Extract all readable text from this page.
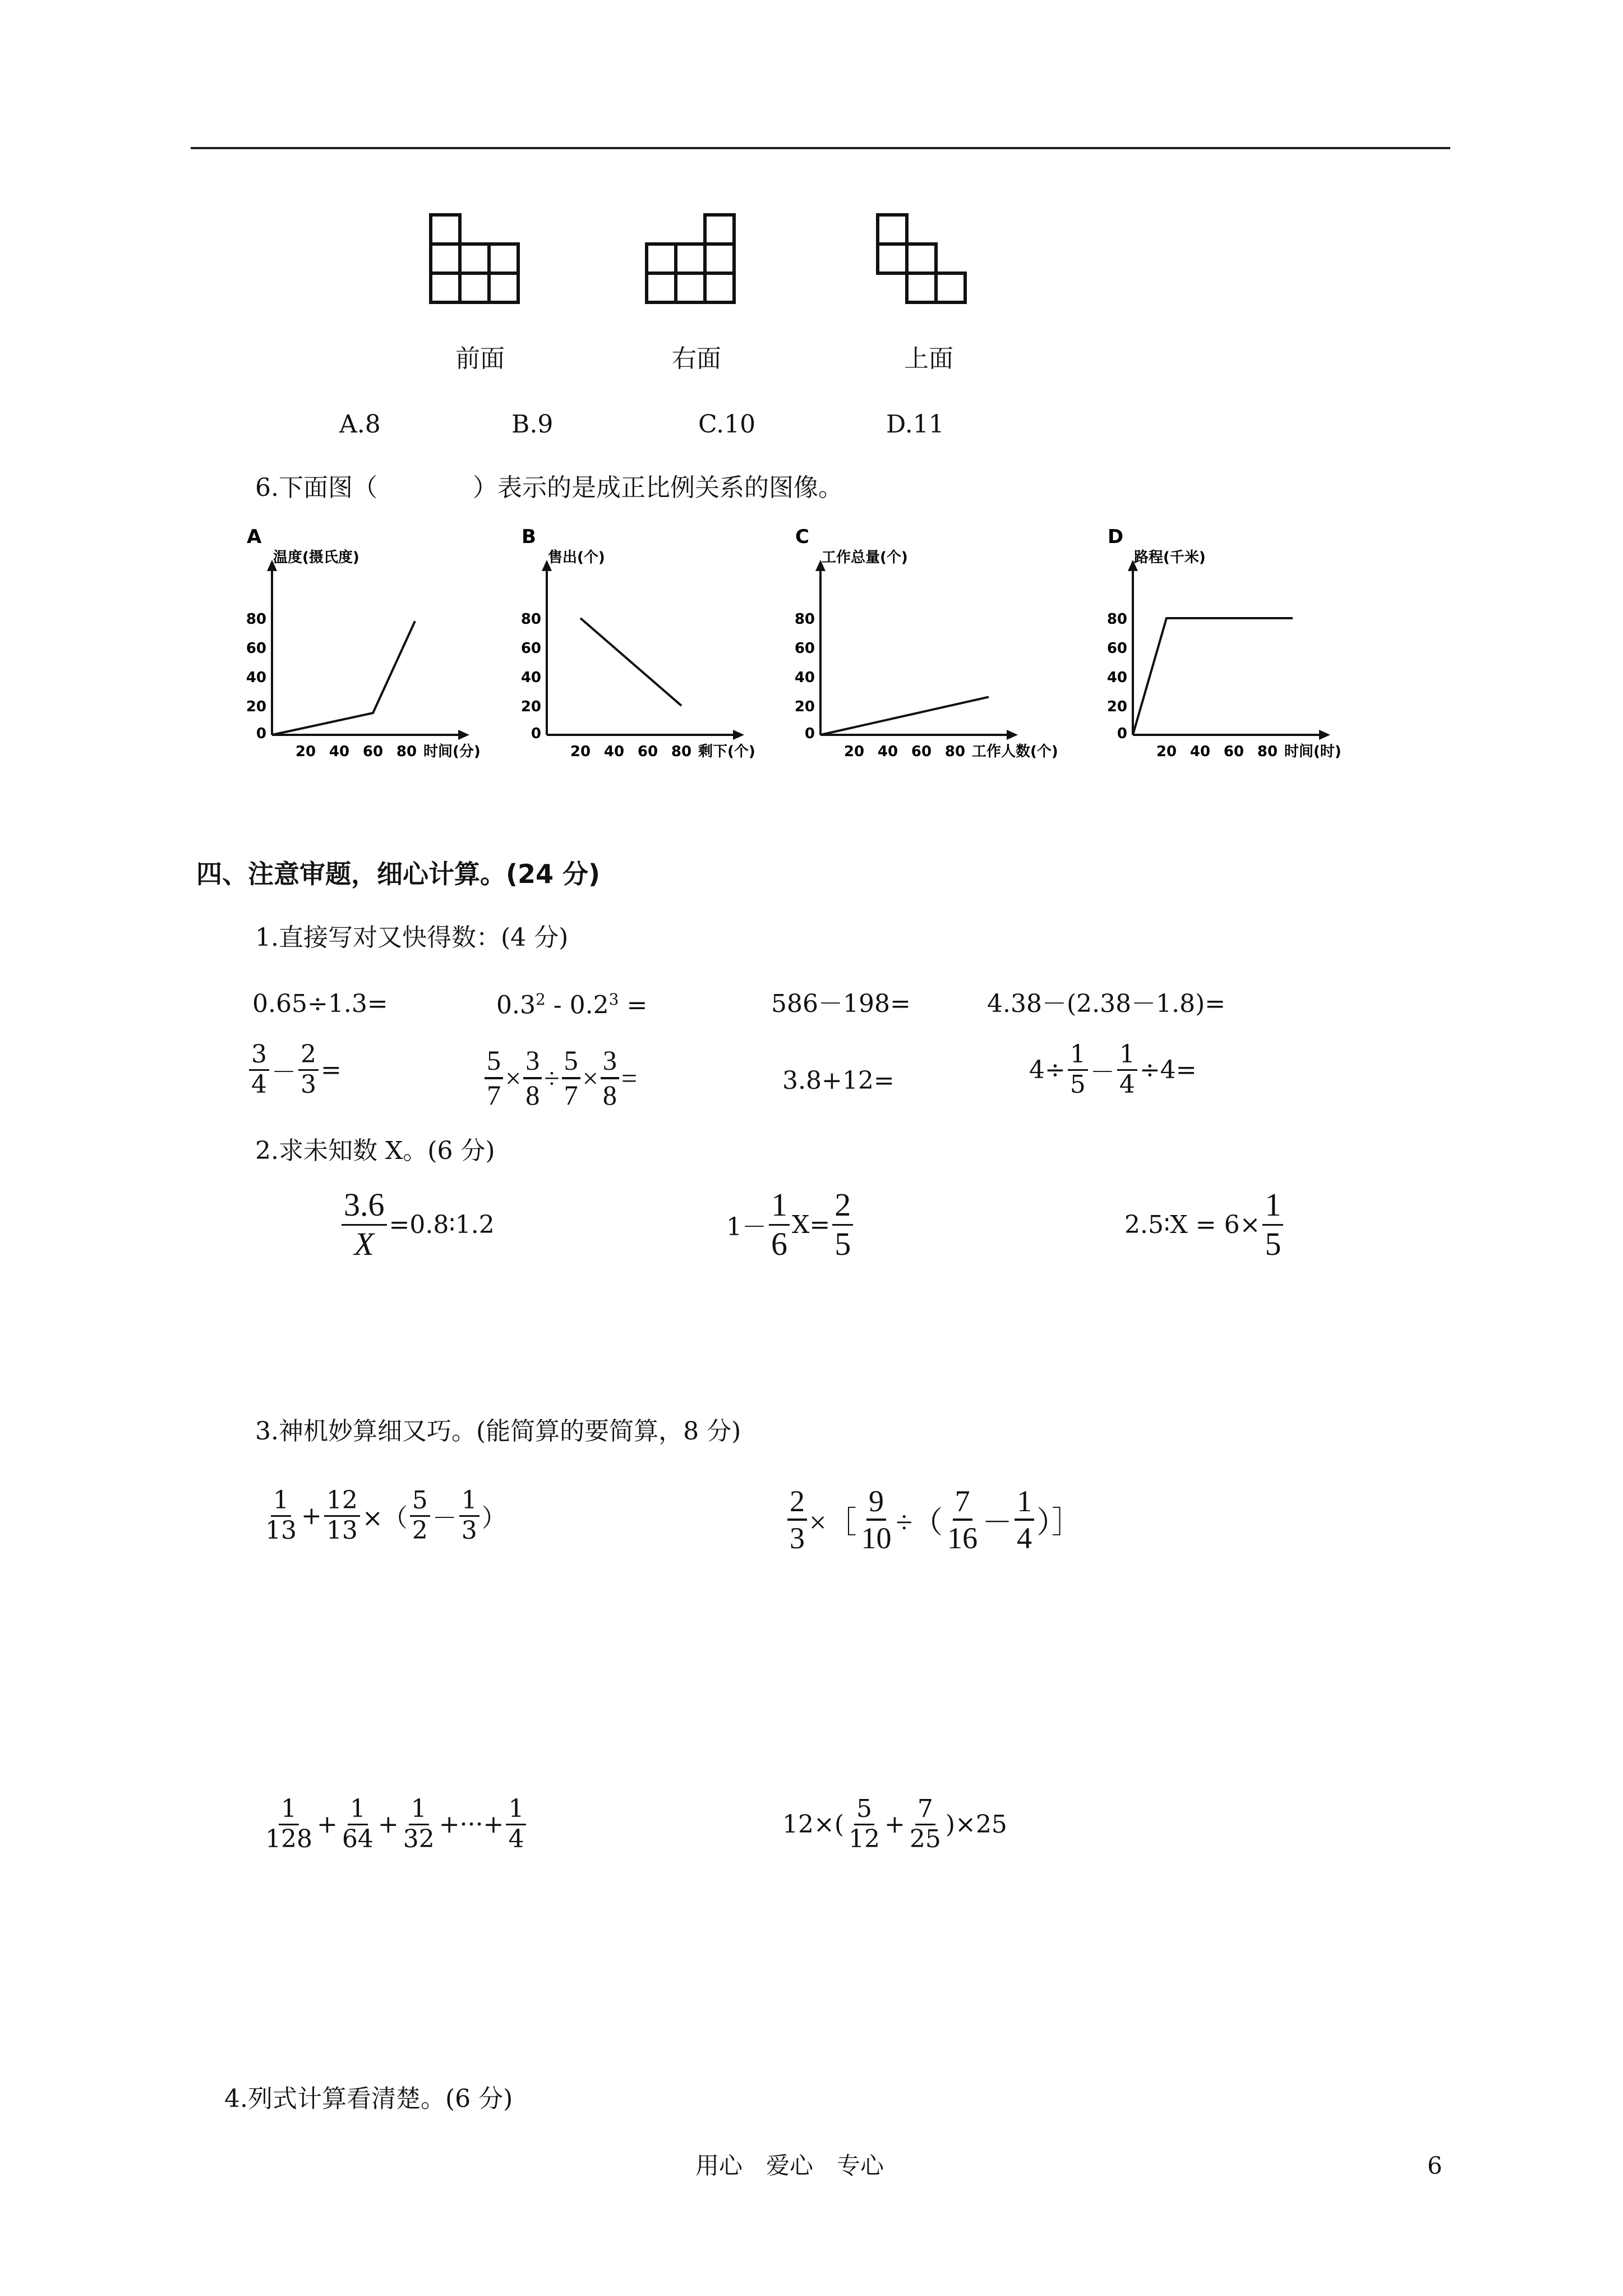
前面	右面	上面
A.8	B.9	C.10	D.11
6.下面图（	）表示的是成正比例关系的图像。
A
温度(摄氏度)
0
20
40
60
80
20 40 60 80 时间(分)
B
售出(个)
0
20
40
60
80
20 40 60 80 剩下(个)
C
工作总量(个)
0
20
40
60
80
20 40 60 80 工作人数(个)
D
路程(千米)
0
20
40
60
80
20 40 60 80 时间(时)
四、注意审题，细心计算。(24 分)
1.直接写对又快得数：(4 分)
0.65÷1.3=	$0.3^2 - 0.2^3$ =	586－198=	4.38－(2.38－1.8)=
$\frac{3}{4} - \frac{2}{3}$ =	$\frac{5}{7} \times \frac{3}{8} \div \frac{5}{7} \times \frac{3}{8}$ =	3.8+12=	$4\div \frac{1}{5} - \frac{1}{4} \div 4=$
2.求未知数 X。(6 分)
$\frac{3.6}{X}$ =0.8∶1.2	$1- \frac{1}{6} X= \frac{2}{5}$	2.5∶X = $6\times \frac{1}{5}$
3.神机妙算细又巧。(能简算的要简算，8 分)
$\frac{1}{13} + \frac{12}{13}$ ×（ $\frac{5}{2} - \frac{1}{3}$ ）	$\frac{2}{3}$ ×［ $\frac{9}{10}$ ÷（ $\frac{7}{16} - \frac{1}{4}$ ）］
$\frac{1}{128} + \frac{1}{64} + \frac{1}{32}$ +···+ $\frac{1}{4}$	$12\times( \frac{5}{12} + \frac{7}{25} )\times 25$
4.列式计算看清楚。(6 分)
用心　爱心　专心	6
